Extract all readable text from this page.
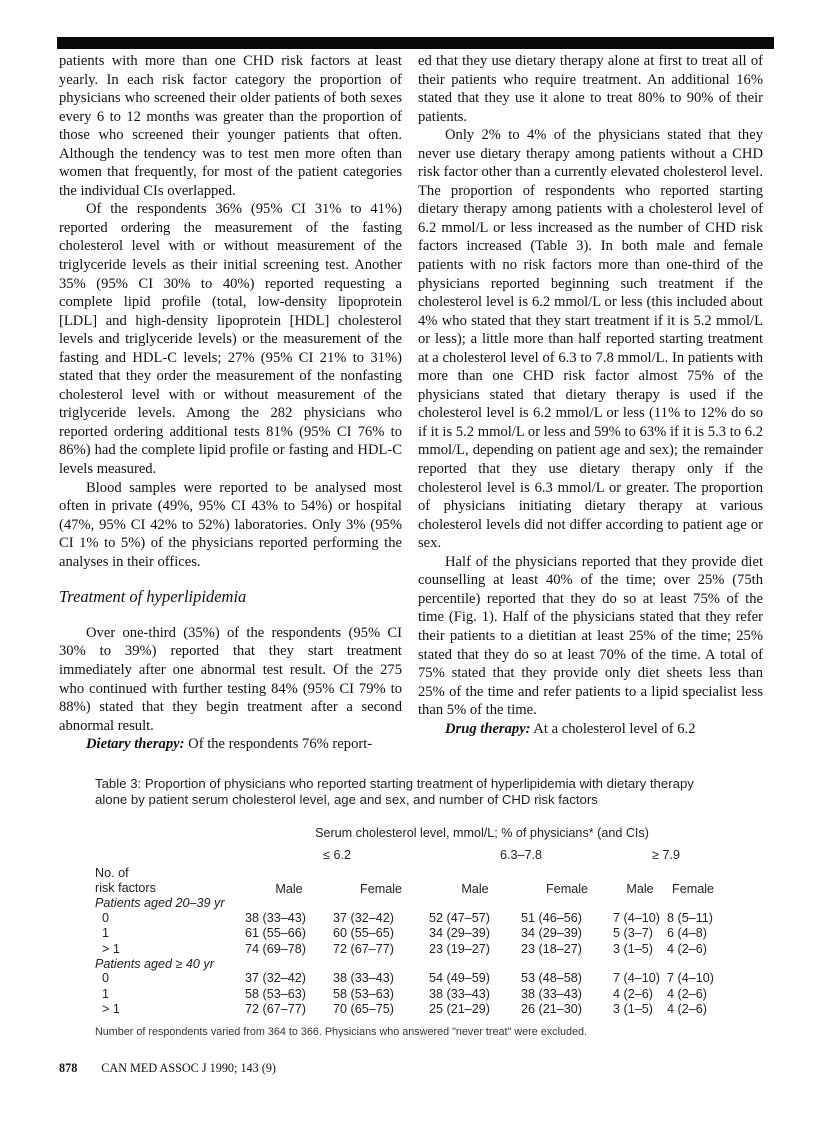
patients with more than one CHD risk factors at least yearly. In each risk factor category the proportion of physicians who screened their older patients of both sexes every 6 to 12 months was greater than the proportion of those who screened their younger patients that often. Although the tendency was to test men more often than women that frequently, for most of the patient categories the individual CIs overlapped.

Of the respondents 36% (95% CI 31% to 41%) reported ordering the measurement of the fasting cholesterol level with or without measurement of the triglyceride levels as their initial screening test. Another 35% (95% CI 30% to 40%) reported requesting a complete lipid profile (total, low-density lipoprotein [LDL] and high-density lipoprotein [HDL] cholesterol levels and triglyceride levels) or the measurement of the fasting and HDL-C levels; 27% (95% CI 21% to 31%) stated that they order the measurement of the nonfasting cholesterol level with or without measurement of the triglyceride levels. Among the 282 physicians who reported ordering additional tests 81% (95% CI 76% to 86%) had the complete lipid profile or fasting and HDL-C levels measured.

Blood samples were reported to be analysed most often in private (49%, 95% CI 43% to 54%) or hospital (47%, 95% CI 42% to 52%) laboratories. Only 3% (95% CI 1% to 5%) of the physicians reported performing the analyses in their offices.

Treatment of hyperlipidemia

Over one-third (35%) of the respondents (95% CI 30% to 39%) reported that they start treatment immediately after one abnormal test result. Of the 275 who continued with further testing 84% (95% CI 79% to 88%) stated that they begin treatment after a second abnormal result.

Dietary therapy: Of the respondents 76% report-

ed that they use dietary therapy alone at first to treat all of their patients who require treatment. An additional 16% stated that they use it alone to treat 80% to 90% of their patients.

Only 2% to 4% of the physicians stated that they never use dietary therapy among patients without a CHD risk factor other than a currently elevated cholesterol level. The proportion of respondents who reported starting dietary therapy among patients with a cholesterol level of 6.2 mmol/L or less increased as the number of CHD risk factors increased (Table 3). In both male and female patients with no risk factors more than one-third of the physicians reported beginning such treatment if the cholesterol level is 6.2 mmol/L or less (this included about 4% who stated that they start treatment if it is 5.2 mmol/L or less); a little more than half reported starting treatment at a cholesterol level of 6.3 to 7.8 mmol/L. In patients with more than one CHD risk factor almost 75% of the physicians stated that dietary therapy is used if the cholesterol level is 6.2 mmol/L or less (11% to 12% do so if it is 5.2 mmol/L or less and 59% to 63% if it is 5.3 to 6.2 mmol/L, depending on patient age and sex); the remainder reported that they use dietary therapy only if the cholesterol level is 6.3 mmol/L or greater. The proportion of physicians initiating dietary therapy at various cholesterol levels did not differ according to patient age or sex.

Half of the physicians reported that they provide diet counselling at least 40% of the time; over 25% (75th percentile) reported that they do so at least 75% of the time (Fig. 1). Half of the physicians stated that they refer their patients to a dietitian at least 25% of the time; 25% stated that they do so at least 70% of the time. A total of 75% stated that they provide only diet sheets less than 25% of the time and refer patients to a lipid specialist less than 5% of the time.

Drug therapy: At a cholesterol level of 6.2

Table 3: Proportion of physicians who reported starting treatment of hyperlipidemia with dietary therapy
alone by patient serum cholesterol level, age and sex, and number of CHD risk factors
	Serum cholesterol level, mmol/L; % of physicians* (and CIs)					
	≤ 6.2		6.3–7.8		≥ 7.9	
No. of
risk factors	Male	Female	Male	Female	Male	Female
Patients aged 20–39 yr						
0	38 (33–43)	37 (32–42)	52 (47–57)	51 (46–56)	7 (4–10)	8 (5–11)
1	61 (55–66)	60 (55–65)	34 (29–39)	34 (29–39)	5 (3–7)	6 (4–8)
> 1	74 (69–78)	72 (67–77)	23 (19–27)	23 (18–27)	3 (1–5)	4 (2–6)
Patients aged ≥ 40 yr						
0	37 (32–42)	38 (33–43)	54 (49–59)	53 (48–58)	7 (4–10)	7 (4–10)
1	58 (53–63)	58 (53–63)	38 (33–43)	38 (33–43)	4 (2–6)	4 (2–6)
> 1	72 (67–77)	70 (65–75)	25 (21–29)	26 (21–30)	3 (1–5)	4 (2–6)
Number of respondents varied from 364 to 366. Physicians who answered "never treat" were excluded.
878 CAN MED ASSOC J 1990; 143 (9)
